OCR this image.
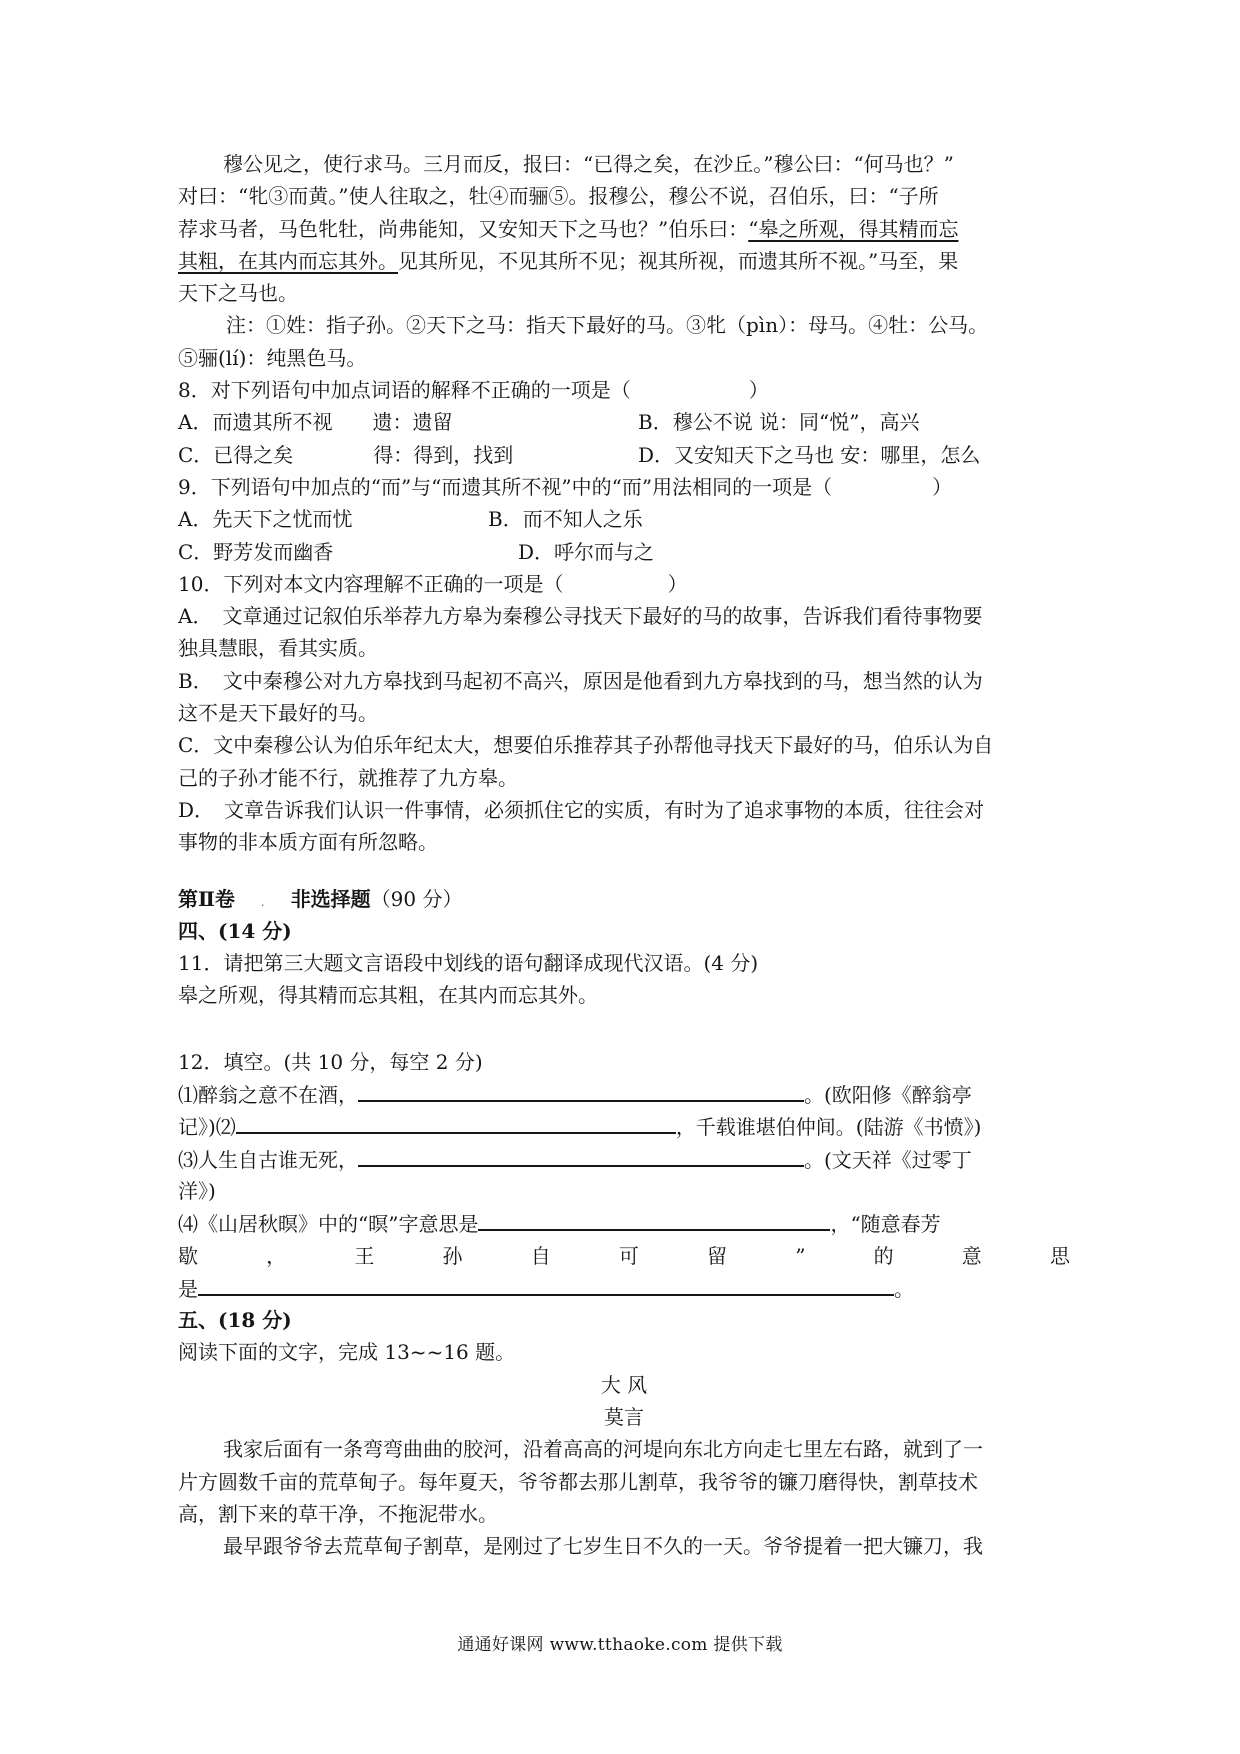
穆公见之，使行求马。三月而反，报曰：“已得之矣，在沙丘。”穆公曰：“何马也？”
对曰：“牝③而黄。”使人往取之，牡④而骊⑤。报穆公，穆公不说，召伯乐，曰：“子所
荐求马者，马色牝牡，尚弗能知，又安知天下之马也？”伯乐曰：“皋之所观，得其精而忘
其粗，在其内而忘其外。见其所见，不见其所不见；视其所视，而遗其所不视。”马至，果
天下之马也。
注：①姓：指子孙。②天下之马：指天下最好的马。③牝（pìn）：母马。④牡：公马。
⑤骊(lí)：纯黑色马。
8．对下列语句中加点词语的解释不正确的一项是（	）
A．而遗其所不视　　遗：遗留	B．穆公不说 说：同“悦”，高兴
C．已得之矣　　　　得：得到，找到	D．又安知天下之马也 安：哪里，怎么
9．下列语句中加点的“而”与“而遗其所不视”中的“而”用法相同的一项是（	）
A．先天下之忧而忧	B．而不知人之乐
C．野芳发而幽香	D．呼尔而与之
10．下列对本文内容理解不正确的一项是（	）
A．　文章通过记叙伯乐举荐九方皋为秦穆公寻找天下最好的马的故事，告诉我们看待事物要
独具慧眼，看其实质。
B．　文中秦穆公对九方皋找到马起初不高兴，原因是他看到九方皋找到的马，想当然的认为
这不是天下最好的马。
C．文中秦穆公认为伯乐年纪太大，想要伯乐推荐其子孙帮他寻找天下最好的马，伯乐认为自
己的子孙才能不行，就推荐了九方皋。
D．　文章告诉我们认识一件事情，必须抓住它的实质，有时为了追求事物的本质，往往会对
事物的非本质方面有所忽略。
第Ⅱ卷 . 非选择题（90 分）
四、(14 分)
11．请把第三大题文言语段中划线的语句翻译成现代汉语。(4 分)
皋之所观，得其精而忘其粗，在其内而忘其外。
12．填空。(共 10 分，每空 2 分)
⑴醉翁之意不在酒，	。(欧阳修《醉翁亭
记》)⑵	，千载谁堪伯仲间。(陆游《书愤》)
⑶人生自古谁无死，	。(文天祥《过零丁
洋》)
⑷《山居秋暝》中的“暝”字意思是	，“随意春芳
歇	，	王	孙	自	可	留	”	的	意	思
是	。
五、(18 分)
阅读下面的文字，完成 13~~16 题。
大 风
莫言
我家后面有一条弯弯曲曲的胶河，沿着高高的河堤向东北方向走七里左右路，就到了一
片方圆数千亩的荒草甸子。每年夏天，爷爷都去那儿割草，我爷爷的镰刀磨得快，割草技术
高，割下来的草干净，不拖泥带水。
最早跟爷爷去荒草甸子割草，是刚过了七岁生日不久的一天。爷爷提着一把大镰刀，我
通通好课网 www.tthaoke.com 提供下载
